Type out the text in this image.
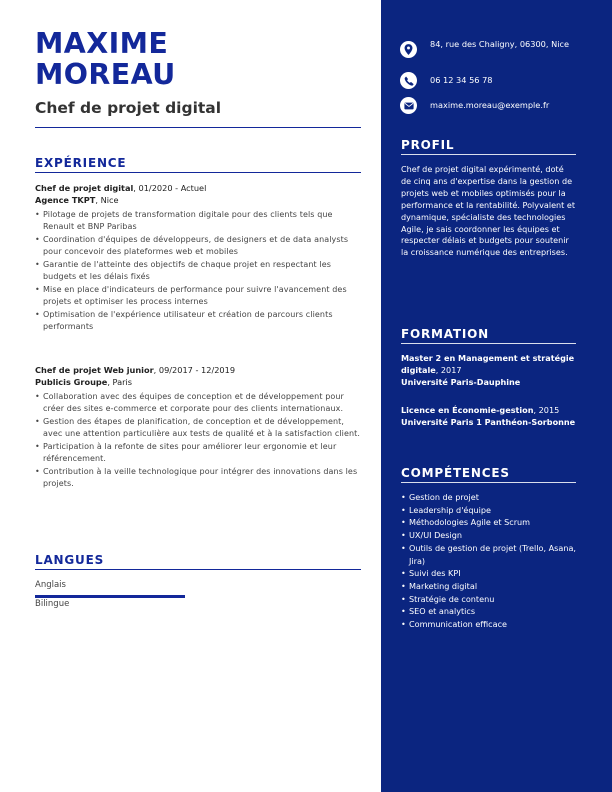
MAXIME
MOREAU
Chef de projet digital
EXPÉRIENCE
Chef de projet digital, 01/2020 - Actuel
Agence TKPT, Nice
• Pilotage de projets de transformation digitale pour des clients tels que Renault et BNP Paribas
• Coordination d'équipes de développeurs, de designers et de data analysts pour concevoir des plateformes web et mobiles
• Garantie de l'atteinte des objectifs de chaque projet en respectant les budgets et les délais fixés
• Mise en place d'indicateurs de performance pour suivre l'avancement des projets et optimiser les process internes
• Optimisation de l'expérience utilisateur et création de parcours clients performants
Chef de projet Web junior, 09/2017 - 12/2019
Publicis Groupe, Paris
• Collaboration avec des équipes de conception et de développement pour créer des sites e-commerce et corporate pour des clients internationaux.
• Gestion des étapes de planification, de conception et de développement, avec une attention particulière aux tests de qualité et à la satisfaction client.
• Participation à la refonte de sites pour améliorer leur ergonomie et leur référencement.
• Contribution à la veille technologique pour intégrer des innovations dans les projets.
LANGUES
Anglais
Bilingue
84, rue des Chaligny, 06300, Nice
06 12 34 56 78
maxime.moreau@exemple.fr
PROFIL
Chef de projet digital expérimenté, doté de cinq ans d'expertise dans la gestion de projets web et mobiles optimisés pour la performance et la rentabilité. Polyvalent et dynamique, spécialiste des technologies Agile, je sais coordonner les équipes et respecter délais et budgets pour soutenir la croissance numérique des entreprises.
FORMATION
Master 2 en Management et stratégie digitale, 2017
Université Paris-Dauphine
Licence en Économie-gestion, 2015
Université Paris 1 Panthéon-Sorbonne
COMPÉTENCES
• Gestion de projet
• Leadership d'équipe
• Méthodologies Agile et Scrum
• UX/UI Design
• Outils de gestion de projet (Trello, Asana, Jira)
• Suivi des KPI
• Marketing digital
• Stratégie de contenu
• SEO et analytics
• Communication efficace
